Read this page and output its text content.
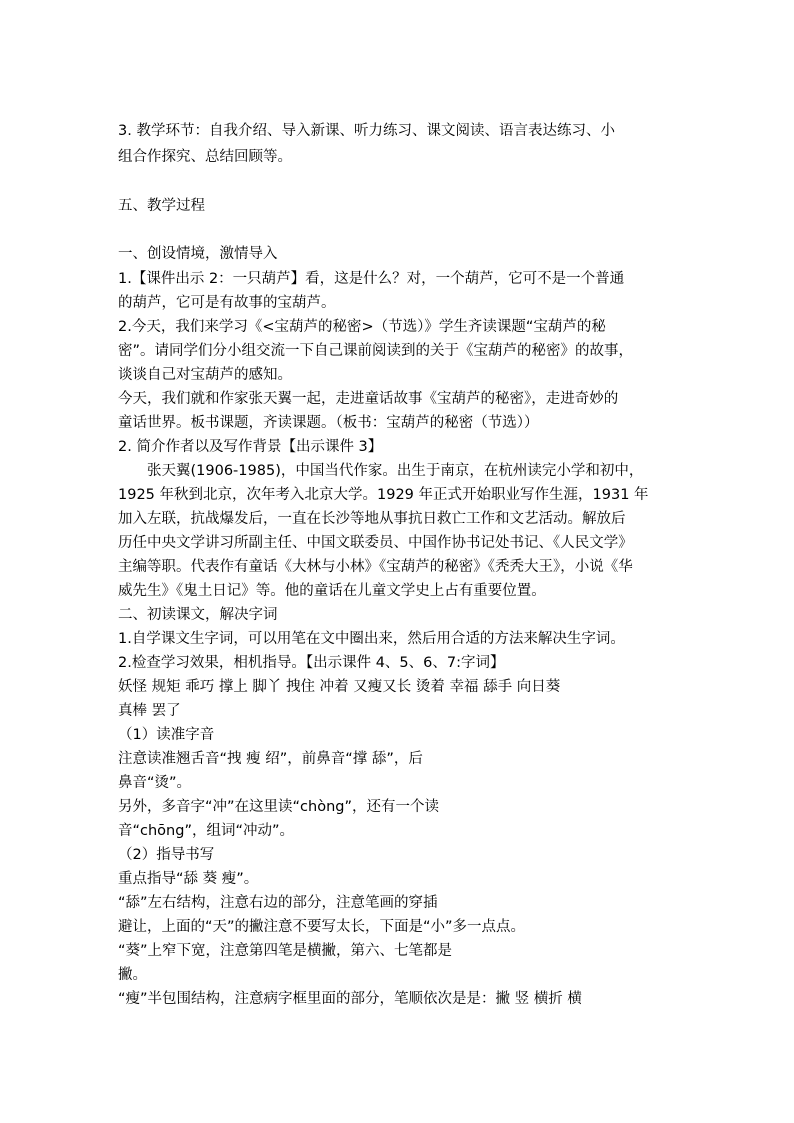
3. 教学环节：自我介绍、导入新课、听力练习、课文阅读、语言表达练习、小
组合作探究、总结回顾等。
五、教学过程
一、创设情境，激情导入
1.【课件出示 2：一只葫芦】看，这是什么？对，一个葫芦，它可不是一个普通
的葫芦，它可是有故事的宝葫芦。
2.今天，我们来学习《<宝葫芦的秘密>（节选）》学生齐读课题“宝葫芦的秘
密”。请同学们分小组交流一下自己课前阅读到的关于《宝葫芦的秘密》的故事，
谈谈自己对宝葫芦的感知。
今天，我们就和作家张天翼一起，走进童话故事《宝葫芦的秘密》，走进奇妙的
童话世界。板书课题，齐读课题。（板书：宝葫芦的秘密（节选））
2. 简介作者以及写作背景【出示课件 3】
　　张天翼(1906-1985)，中国当代作家。出生于南京，在杭州读完小学和初中，
1925 年秋到北京，次年考入北京大学。1929 年正式开始职业写作生涯，1931 年
加入左联，抗战爆发后，一直在长沙等地从事抗日救亡工作和文艺活动。解放后
历任中央文学讲习所副主任、中国文联委员、中国作协书记处书记、《人民文学》
主编等职。代表作有童话《大林与小林》《宝葫芦的秘密》《秃秃大王》，小说《华
威先生》《鬼土日记》等。他的童话在儿童文学史上占有重要位置。
二、初读课文，解决字词
1.自学课文生字词，可以用笔在文中圈出来，然后用合适的方法来解决生字词。
2.检查学习效果，相机指导。【出示课件 4、5、6、7:字词】
妖怪 规矩 乖巧 撑上 脚丫 拽住 冲着 又瘦又长 烫着 幸福 舔手 向日葵
真棒 罢了
（1）读准字音
注意读准翘舌音“拽 瘦 绍”，前鼻音“撑 舔”，后
鼻音“烫”。
另外，多音字“冲”在这里读“chòng”，还有一个读
音“chōng”，组词“冲动”。
（2）指导书写
重点指导“舔 葵 瘦”。
“舔”左右结构，注意右边的部分，注意笔画的穿插
避让，上面的“天”的撇注意不要写太长，下面是“小”多一点点。
“葵”上窄下宽，注意第四笔是横撇，第六、七笔都是
撇。
“瘦”半包围结构，注意病字框里面的部分，笔顺依次是是：撇 竖 横折 横
